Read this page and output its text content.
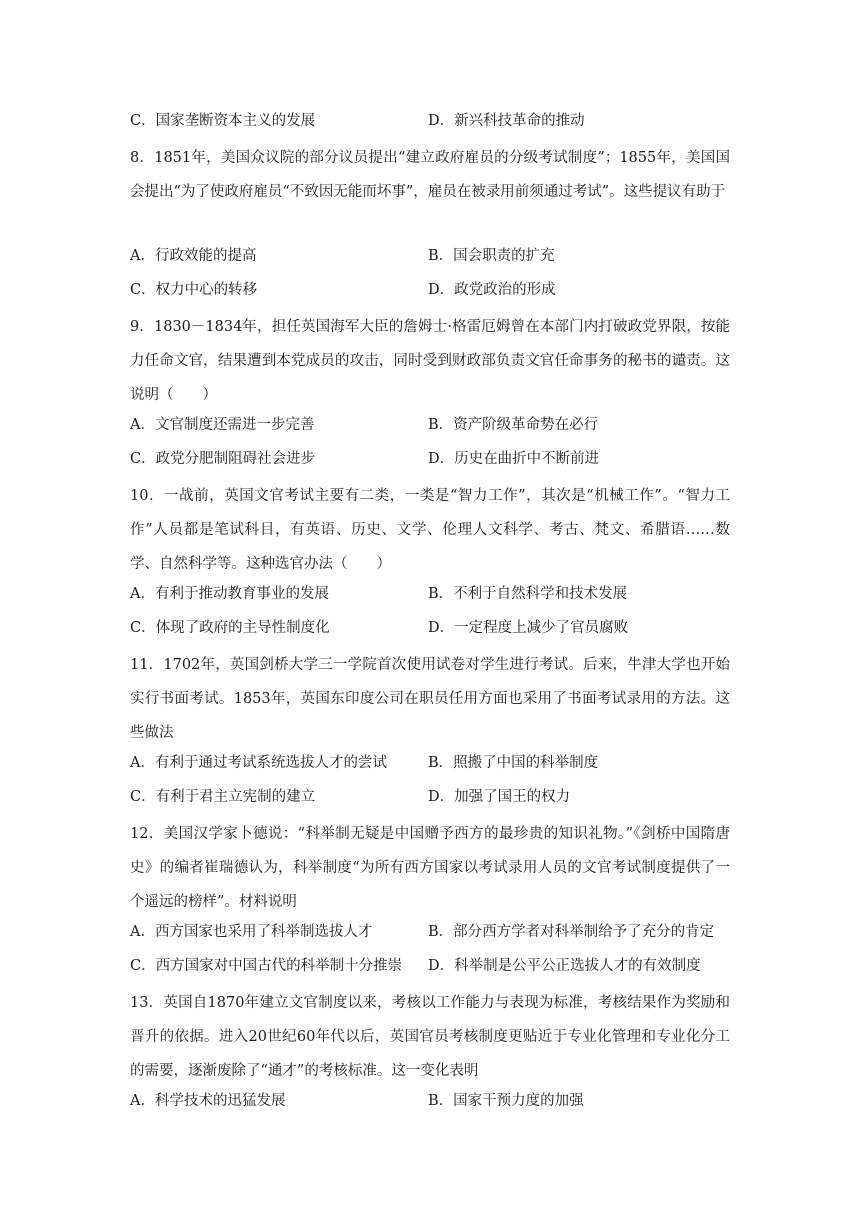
C．国家垄断资本主义的发展	D．新兴科技革命的推动
8．1851年，美国众议院的部分议员提出“建立政府雇员的分级考试制度”；1855年，美国国会提出“为了使政府雇员“不致因无能而坏事”，雇员在被录用前须通过考试”。这些提议有助于
A．行政效能的提高	B．国会职责的扩充
C．权力中心的转移	D．政党政治的形成
9．1830－1834年，担任英国海军大臣的詹姆士·格雷厄姆曾在本部门内打破政党界限，按能力任命文官，结果遭到本党成员的攻击，同时受到财政部负责文官任命事务的秘书的谴责。这说明（　　）
A．文官制度还需进一步完善	B．资产阶级革命势在必行
C．政党分肥制阻碍社会进步	D．历史在曲折中不断前进
10．一战前，英国文官考试主要有二类，一类是“智力工作”，其次是“机械工作”。“智力工作”人员都是笔试科目，有英语、历史、文学、伦理人文科学、考古、梵文、希腊语……数学、自然科学等。这种选官办法（　　）
A．有利于推动教育事业的发展	B．不利于自然科学和技术发展
C．体现了政府的主导性制度化	D．一定程度上减少了官员腐败
11．1702年，英国剑桥大学三一学院首次使用试卷对学生进行考试。后来，牛津大学也开始实行书面考试。1853年，英国东印度公司在职员任用方面也采用了书面考试录用的方法。这些做法
A．有利于通过考试系统选拔人才的尝试	B．照搬了中国的科举制度
C．有利于君主立宪制的建立	D．加强了国王的权力
12．美国汉学家卜德说：“科举制无疑是中国赠予西方的最珍贵的知识礼物。”《剑桥中国隋唐史》的编者崔瑞德认为，科举制度“为所有西方国家以考试录用人员的文官考试制度提供了一个遥远的榜样”。材料说明
A．西方国家也采用了科举制选拔人才	B．部分西方学者对科举制给予了充分的肯定
C．西方国家对中国古代的科举制十分推崇 D．科举制是公平公正选拔人才的有效制度
13．英国自1870年建立文官制度以来，考核以工作能力与表现为标准，考核结果作为奖励和晋升的依据。进入20世纪60年代以后，英国官员考核制度更贴近于专业化管理和专业化分工的需要，逐渐废除了“通才”的考核标准。这一变化表明
A．科学技术的迅猛发展	B．国家干预力度的加强
